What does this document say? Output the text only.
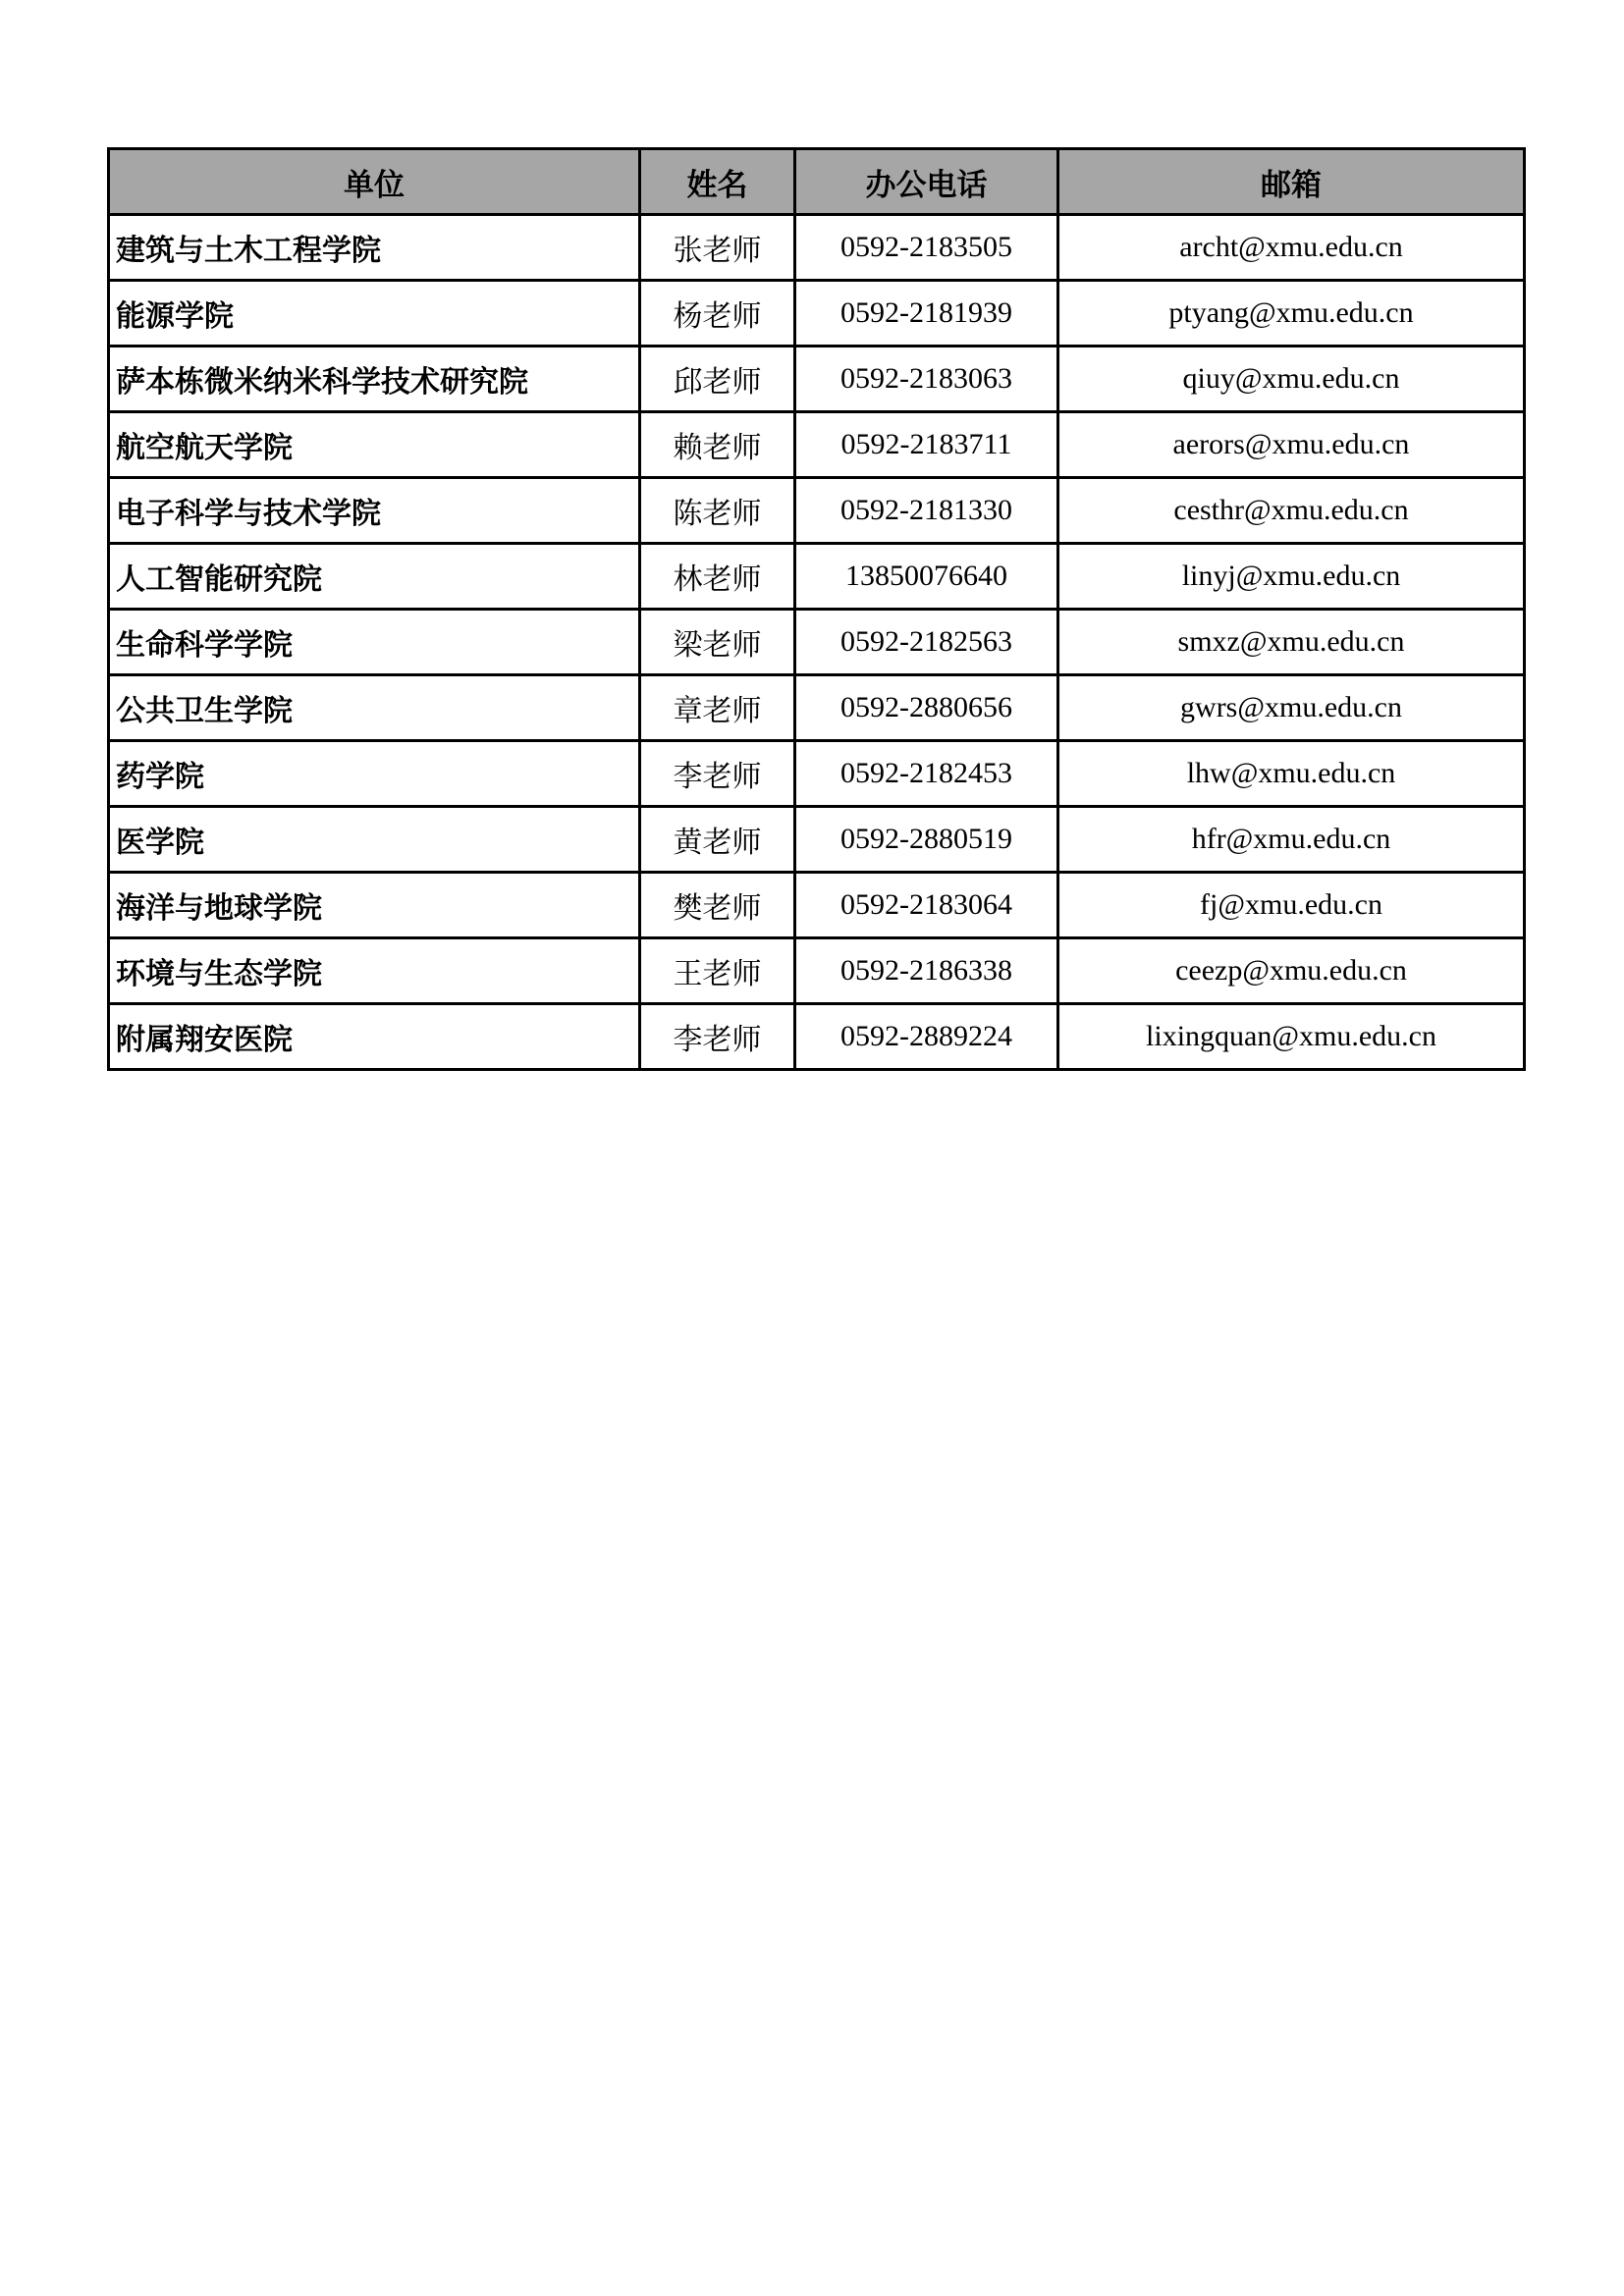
单位	姓名	办公电话	邮箱
建筑与土木工程学院	张老师	0592-2183505	archt@xmu.edu.cn
能源学院	杨老师	0592-2181939	ptyang@xmu.edu.cn
萨本栋微米纳米科学技术研究院	邱老师	0592-2183063	qiuy@xmu.edu.cn
航空航天学院	赖老师	0592-2183711	aerors@xmu.edu.cn
电子科学与技术学院	陈老师	0592-2181330	cesthr@xmu.edu.cn
人工智能研究院	林老师	13850076640	linyj@xmu.edu.cn
生命科学学院	梁老师	0592-2182563	smxz@xmu.edu.cn
公共卫生学院	章老师	0592-2880656	gwrs@xmu.edu.cn
药学院	李老师	0592-2182453	lhw@xmu.edu.cn
医学院	黄老师	0592-2880519	hfr@xmu.edu.cn
海洋与地球学院	樊老师	0592-2183064	fj@xmu.edu.cn
环境与生态学院	王老师	0592-2186338	ceezp@xmu.edu.cn
附属翔安医院	李老师	0592-2889224	lixingquan@xmu.edu.cn
